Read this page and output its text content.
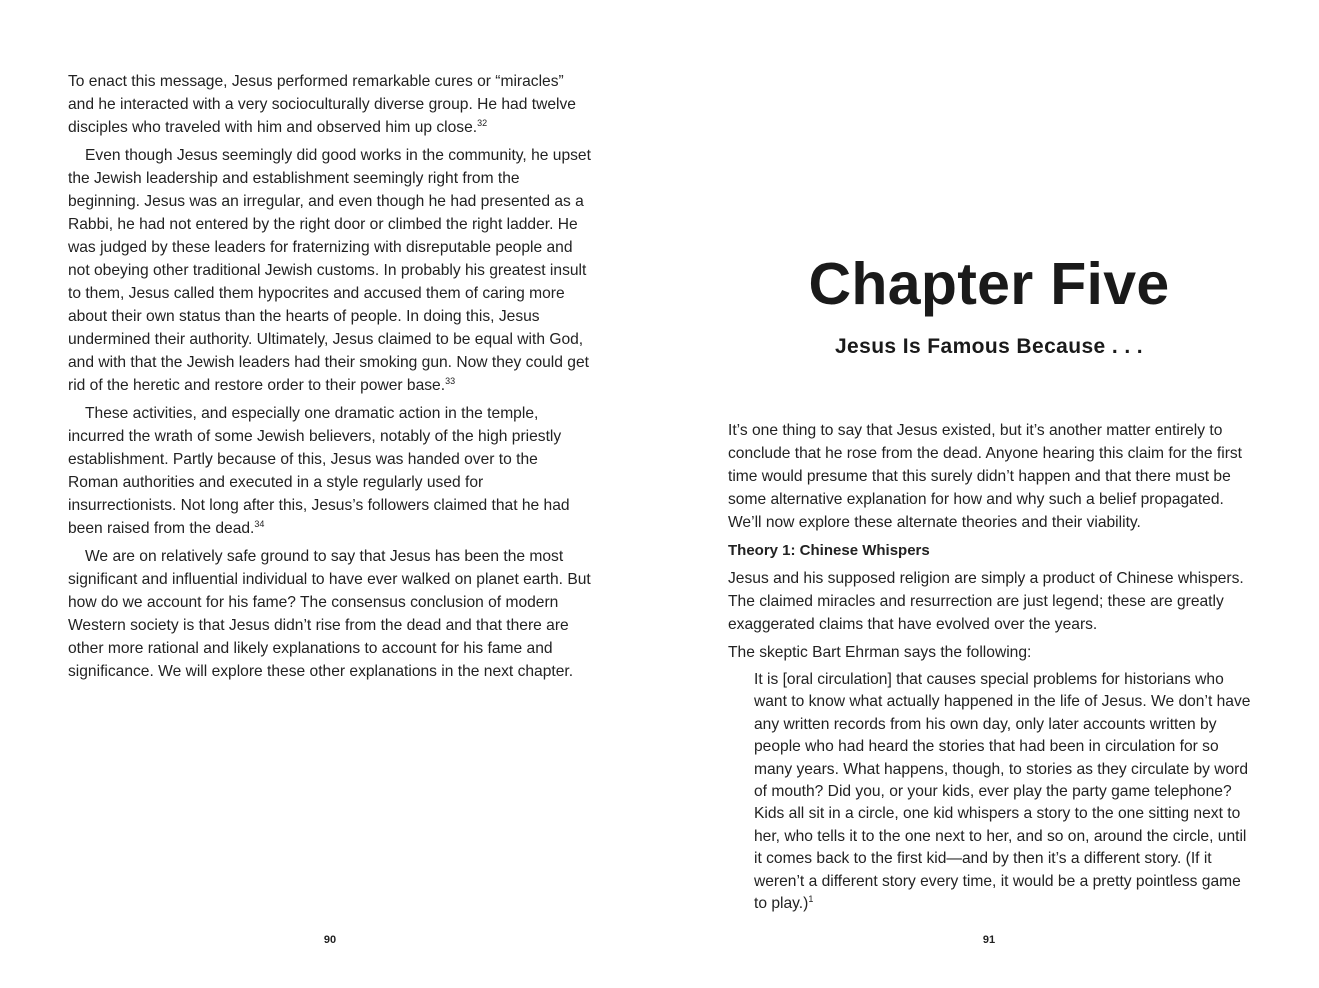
To enact this message, Jesus performed remarkable cures or “miracles” and he interacted with a very socioculturally diverse group. He had twelve disciples who traveled with him and observed him up close.$^{32}$

Even though Jesus seemingly did good works in the community, he upset the Jewish leadership and establishment seemingly right from the beginning. Jesus was an irregular, and even though he had presented as a Rabbi, he had not entered by the right door or climbed the right ladder. He was judged by these leaders for fraternizing with disreputable people and not obeying other traditional Jewish customs. In probably his greatest insult to them, Jesus called them hypocrites and accused them of caring more about their own status than the hearts of people. In doing this, Jesus undermined their authority. Ultimately, Jesus claimed to be equal with God, and with that the Jewish leaders had their smoking gun. Now they could get rid of the heretic and restore order to their power base.$^{33}$

These activities, and especially one dramatic action in the temple, incurred the wrath of some Jewish believers, notably of the high priestly establishment. Partly because of this, Jesus was handed over to the Roman authorities and executed in a style regularly used for insurrectionists. Not long after this, Jesus’s followers claimed that he had been raised from the dead.$^{34}$

We are on relatively safe ground to say that Jesus has been the most significant and influential individual to have ever walked on planet earth. But how do we account for his fame? The consensus conclusion of modern Western society is that Jesus didn’t rise from the dead and that there are other more rational and likely explanations to account for his fame and significance. We will explore these other explanations in the next chapter.

90
Chapter Five
Jesus Is Famous Because . . .

It’s one thing to say that Jesus existed, but it’s another matter entirely to conclude that he rose from the dead. Anyone hearing this claim for the first time would presume that this surely didn’t happen and that there must be some alternative explanation for how and why such a belief propagated. We’ll now explore these alternate theories and their viability.

Theory 1: Chinese Whispers

Jesus and his supposed religion are simply a product of Chinese whispers. The claimed miracles and resurrection are just legend; these are greatly exaggerated claims that have evolved over the years.

The skeptic Bart Ehrman says the following:

It is [oral circulation] that causes special problems for historians who want to know what actually happened in the life of Jesus. We don’t have any written records from his own day, only later accounts written by people who had heard the stories that had been in circulation for so many years. What happens, though, to stories as they circulate by word of mouth? Did you, or your kids, ever play the party game telephone? Kids all sit in a circle, one kid whispers a story to the one sitting next to her, who tells it to the one next to her, and so on, around the circle, until it comes back to the first kid—and by then it’s a different story. (If it weren’t a different story every time, it would be a pretty pointless game to play.)$^1$
91
